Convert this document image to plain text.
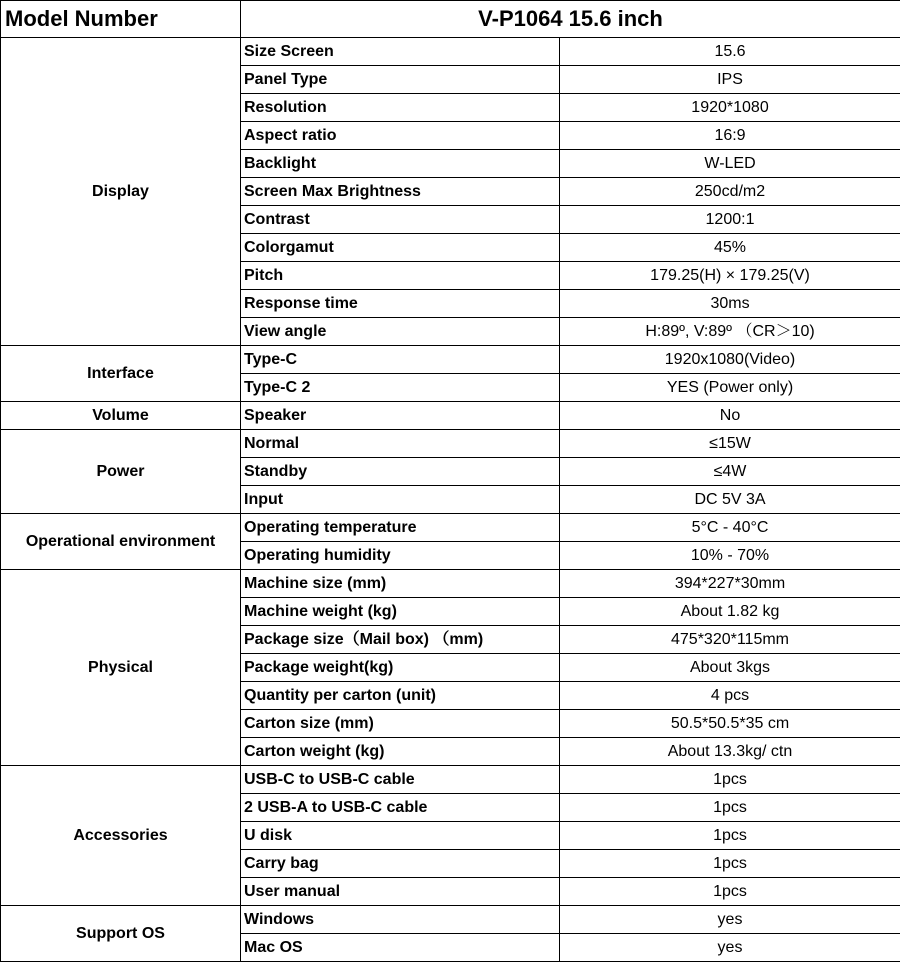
Model Number	V-P1064 15.6 inch	
Display	Size Screen	15.6
	Panel Type	IPS
	Resolution	1920*1080
	Aspect ratio	16:9
	Backlight	W-LED
	Screen Max Brightness	250cd/m2
	Contrast	1200:1
	Colorgamut	45%
	Pitch	179.25(H) × 179.25(V)
	Response time	30ms
	View angle	H:89º, V:89º （CR＞10)
Interface	Type-C	1920x1080(Video)
	Type-C 2	YES (Power only)
Volume	Speaker	No
Power	Normal	≤15W
	Standby	≤4W
	Input	DC 5V 3A
Operational environment	Operating temperature	5°C - 40°C
	Operating humidity	10% - 70%
Physical	Machine size (mm)	394*227*30mm
	Machine weight (kg)	About 1.82 kg
	Package size（Mail box) （mm)	475*320*115mm
	Package weight(kg)	About 3kgs
	Quantity per carton (unit)	4 pcs
	Carton size (mm)	50.5*50.5*35 cm
	Carton weight (kg)	About 13.3kg/ ctn
Accessories	USB-C to USB-C cable	1pcs
	2 USB-A to USB-C cable	1pcs
	U disk	1pcs
	Carry bag	1pcs
	User manual	1pcs
Support OS	Windows	yes
	Mac OS	yes
